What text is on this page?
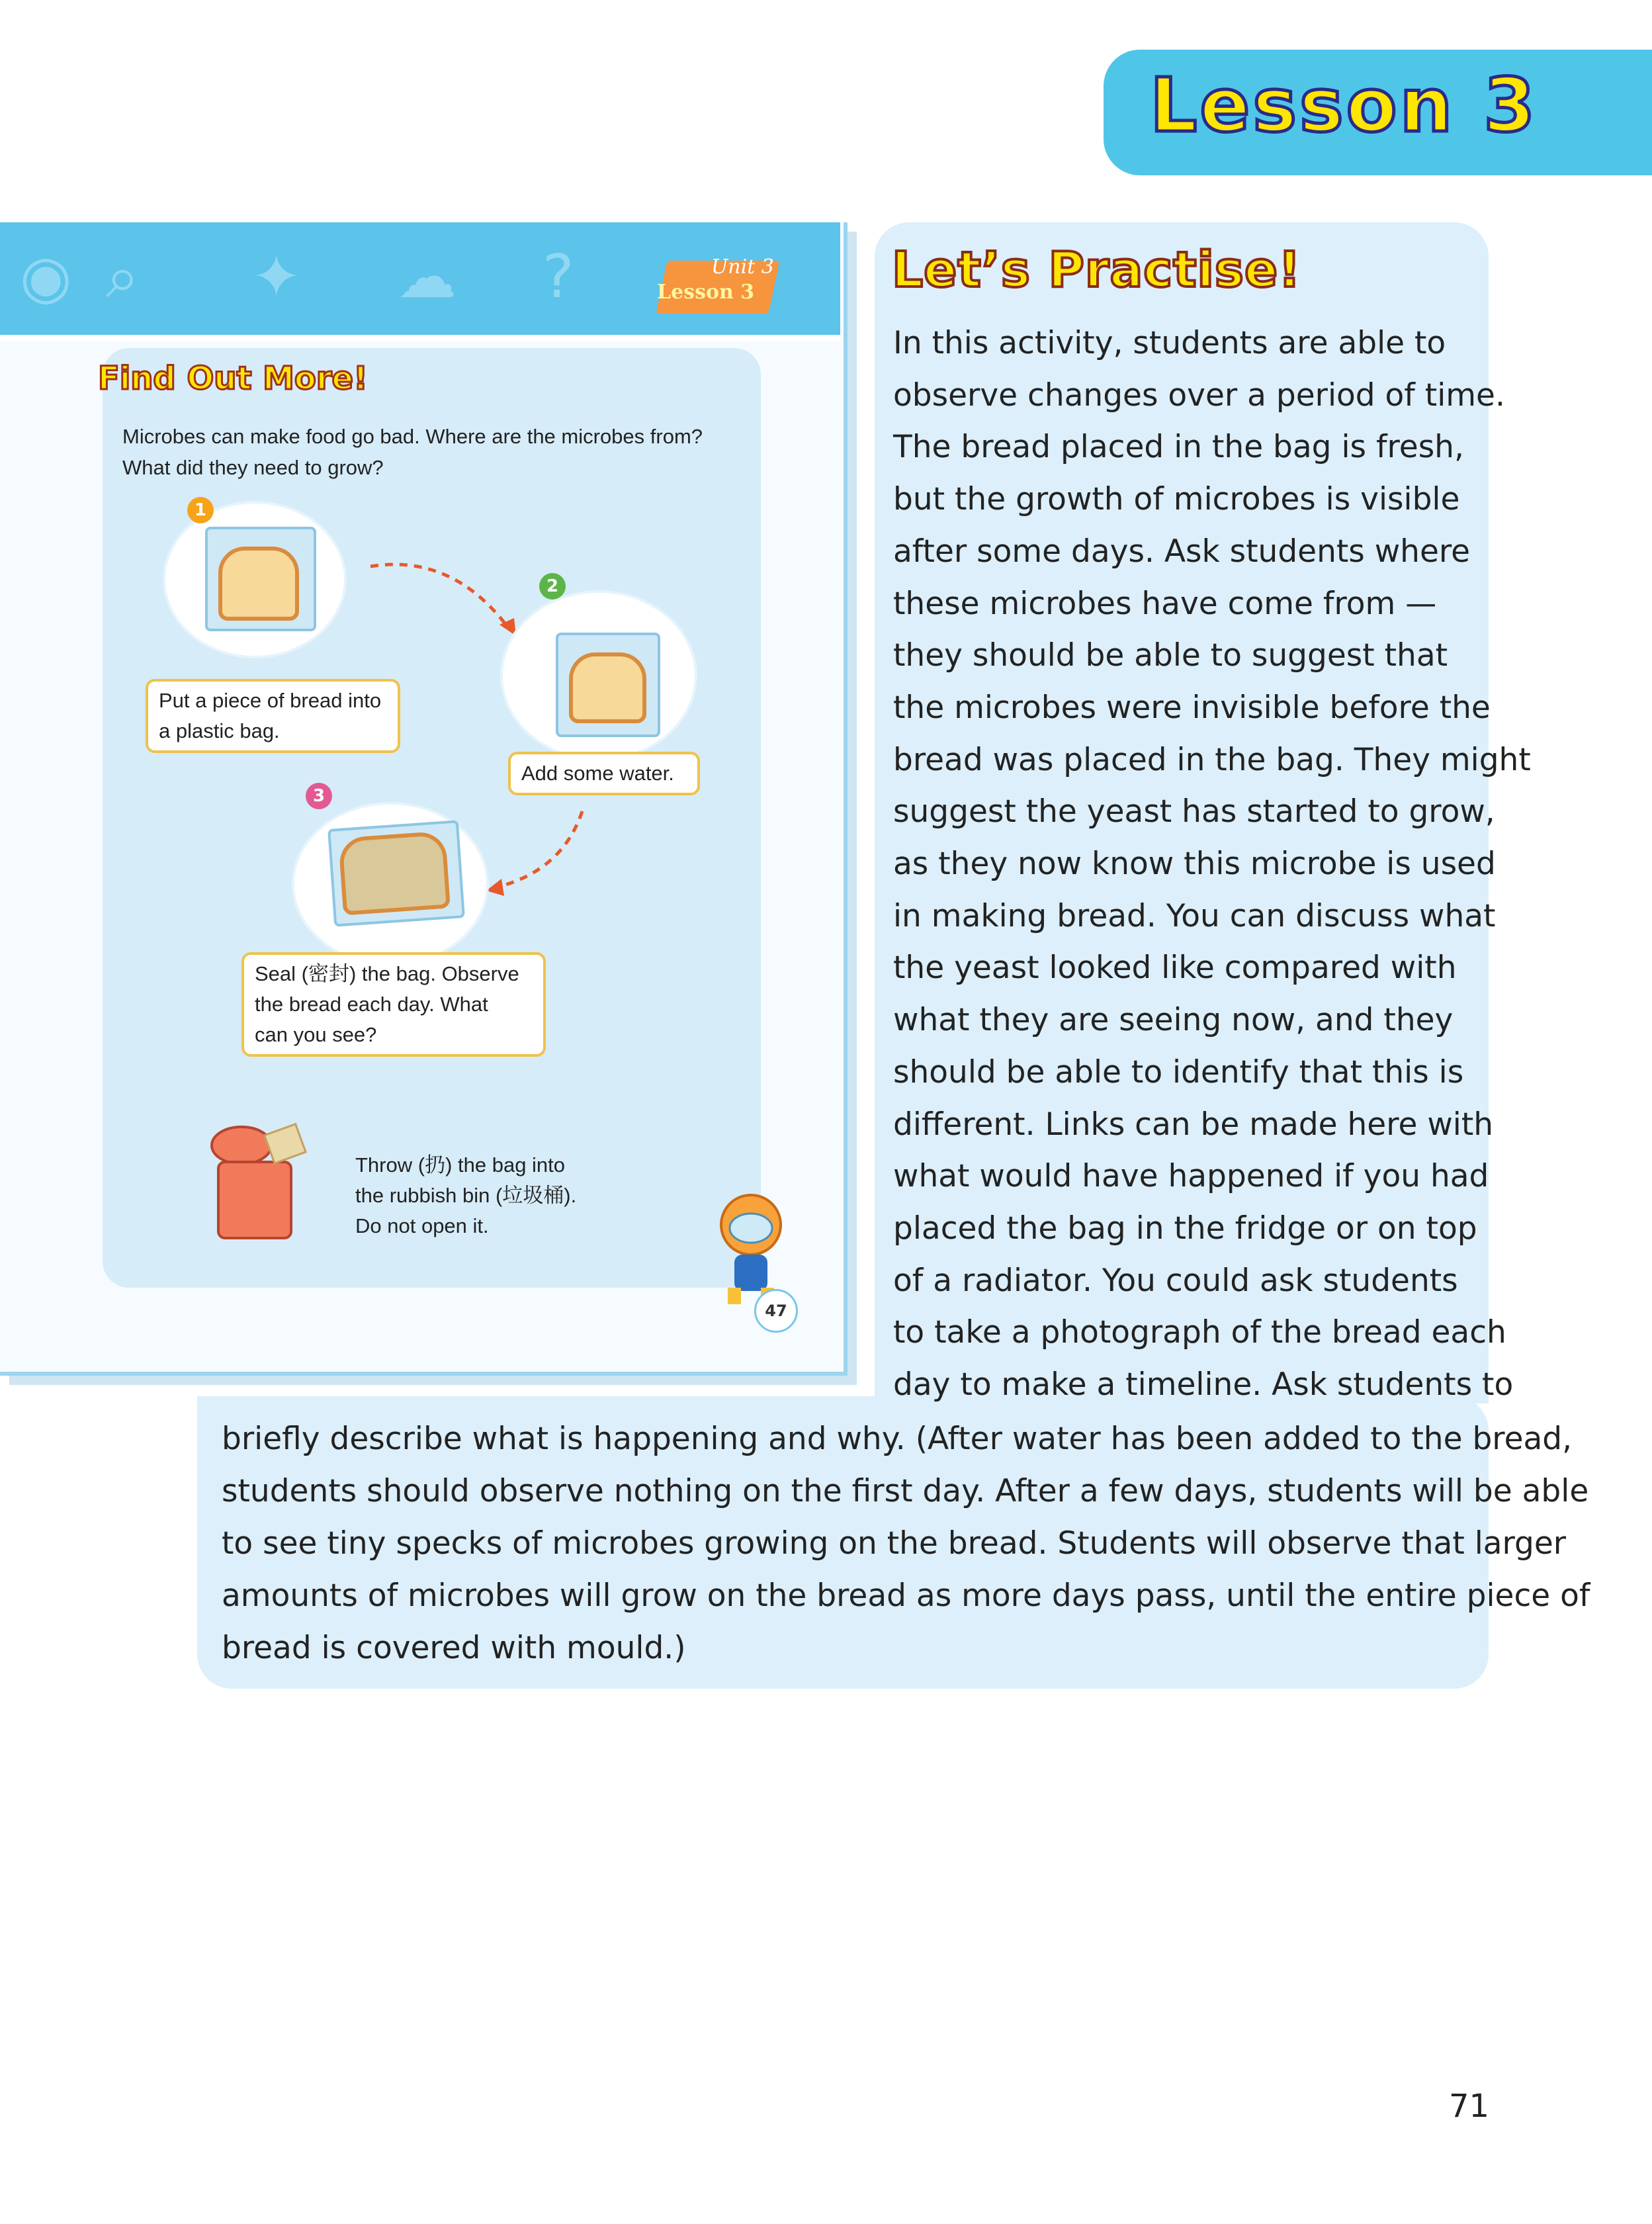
Lesson 3
◉ ⌕ ✦ ☁ ?	Unit 3
Lesson 3
Find Out More!
Microbes can make food go bad. Where are the microbes from?
What did they need to grow?
1
Put a piece of bread into
a plastic bag.
2
Add some water.
3
Seal (密封) the bag. Observe
the bread each day. What
can you see?
Throw (扔) the bag into
the rubbish bin (垃圾桶).
Do not open it.
47
Let’s Practise!
In this activity, students are able to
observe changes over a period of time.
The bread placed in the bag is fresh,
but the growth of microbes is visible
after some days. Ask students where
these microbes have come from —
they should be able to suggest that
the microbes were invisible before the
bread was placed in the bag. They might
suggest the yeast has started to grow,
as they now know this microbe is used
in making bread. You can discuss what
the yeast looked like compared with
what they are seeing now, and they
should be able to identify that this is
different. Links can be made here with
what would have happened if you had
placed the bag in the fridge or on top
of a radiator. You could ask students
to take a photograph of the bread each
day to make a timeline. Ask students to
briefly describe what is happening and why. (After water has been added to the bread,
students should observe nothing on the first day. After a few days, students will be able
to see tiny specks of microbes growing on the bread. Students will observe that larger
amounts of microbes will grow on the bread as more days pass, until the entire piece of
bread is covered with mould.)
71
